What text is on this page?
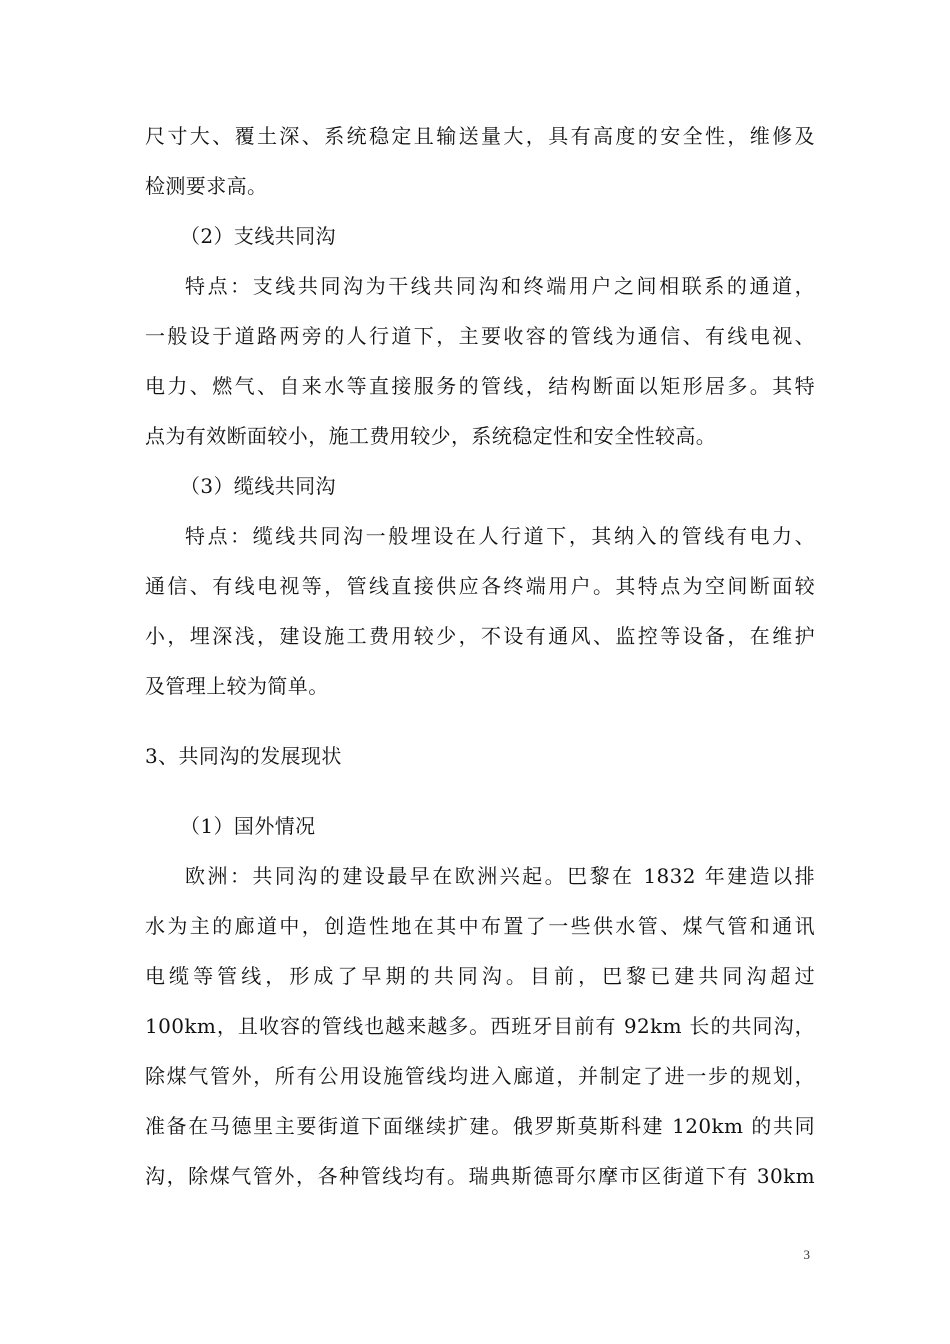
尺寸大、覆土深、系统稳定且输送量大，具有高度的安全性，维修及
检测要求高。
（2）支线共同沟
特点：支线共同沟为干线共同沟和终端用户之间相联系的通道，
一般设于道路两旁的人行道下，主要收容的管线为通信、有线电视、
电力、燃气、自来水等直接服务的管线，结构断面以矩形居多。其特
点为有效断面较小，施工费用较少，系统稳定性和安全性较高。
（3）缆线共同沟
特点：缆线共同沟一般埋设在人行道下，其纳入的管线有电力、
通信、有线电视等，管线直接供应各终端用户。其特点为空间断面较
小，埋深浅，建设施工费用较少，不设有通风、监控等设备，在维护
及管理上较为简单。
3、共同沟的发展现状
（1）国外情况
欧洲：共同沟的建设最早在欧洲兴起。巴黎在 1832 年建造以排
水为主的廊道中，创造性地在其中布置了一些供水管、煤气管和通讯
电缆等管线，形成了早期的共同沟。目前，巴黎已建共同沟超过
100km，且收容的管线也越来越多。西班牙目前有 92km 长的共同沟，
除煤气管外，所有公用设施管线均进入廊道，并制定了进一步的规划，
准备在马德里主要街道下面继续扩建。俄罗斯莫斯科建 120km 的共同
沟，除煤气管外，各种管线均有。瑞典斯德哥尔摩市区街道下有 30km
3
